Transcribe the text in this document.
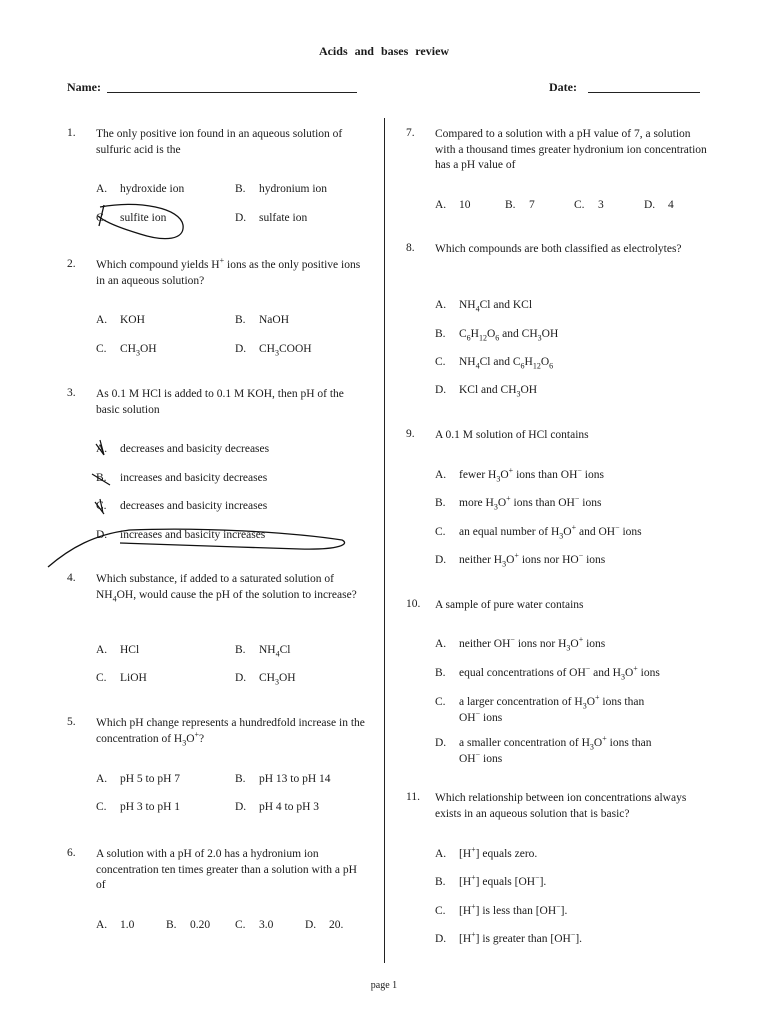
Acids and bases review
Name:	Date:
1. The only positive ion found in an aqueous solution of sulfuric acid is the
A. hydroxide ion	B. hydronium ion
C. sulfite ion	D. sulfate ion
2. Which compound yields H+ ions as the only positive ions in an aqueous solution?
A. KOH	B. NaOH
C. $CH_3OH$	D. $CH_3COOH$
3. As 0.1 M HCl is added to 0.1 M KOH, then pH of the basic solution
A. decreases and basicity decreases
B. increases and basicity decreases
C. decreases and basicity increases
D. increases and basicity increases
4. Which substance, if added to a saturated solution of $NH_4OH$, would cause the pH of the solution to increase?
A. HCl	B. $NH_4Cl$
C. LiOH	D. $CH_3OH$
5. Which pH change represents a hundredfold increase in the concentration of $H_3O^+$?
A. pH 5 to pH 7	B. pH 13 to pH 14
C. pH 3 to pH 1	D. pH 4 to pH 3
6. A solution with a pH of 2.0 has a hydronium ion concentration ten times greater than a solution with a pH of
A. 1.0	B. 0.20 C. 3.0	D. 20.
7. Compared to a solution with a pH value of 7, a solution with a thousand times greater hydronium ion concentration has a pH value of
A. 10	B. 7	C. 3	D. 4
8. Which compounds are both classified as electrolytes?
A. $NH_4Cl$ and KCl
B. $C_6H_{12}O_6$ and $CH_3OH$
C. $NH_4Cl$ and $C_6H_{12}O_6$
D. KCl and $CH_3OH$
9. A 0.1 M solution of HCl contains
A. fewer $H_3O^+$ ions than OH− ions
B. more $H_3O^+$ ions than OH− ions
C. an equal number of $H_3O^+$ and OH− ions
D. neither $H_3O^+$ ions nor HO− ions
10. A sample of pure water contains
A. neither OH− ions nor $H_3O^+$ ions
B. equal concentrations of OH− and $H_3O^+$ ions
C. a larger concentration of $H_3O^+$ ions than
OH− ions
D. a smaller concentration of $H_3O^+$ ions than
OH− ions
11. Which relationship between ion concentrations always exists in an aqueous solution that is basic?
A. [H+] equals zero.
B. [H+] equals [OH−].
C. [H+] is less than [OH−].
D. [H+] is greater than [OH−].
page 1
